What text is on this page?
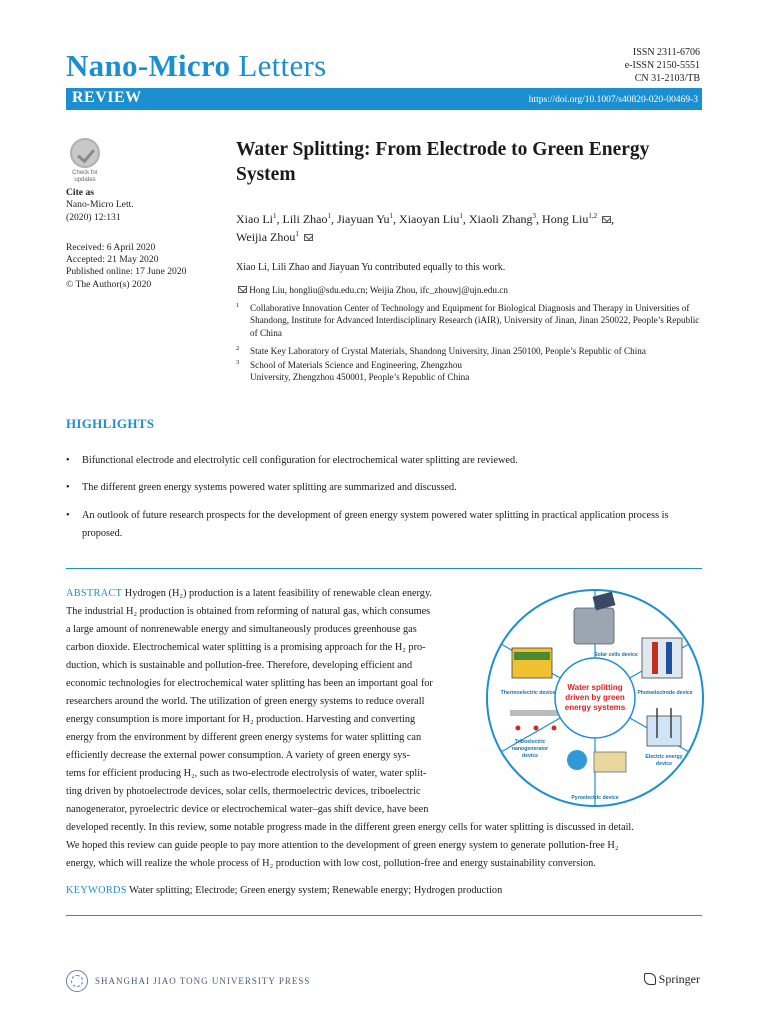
Nano-Micro Letters	ISSN 2311-6706
e-ISSN 2150-5551
CN 31-2103/TB
REVIEW	https://doi.org/10.1007/s40820-020-00469-3
Check for
updates
Cite as
Nano-Micro Lett.
(2020) 12:131
Received: 6 April 2020
Accepted: 21 May 2020
Published online: 17 June 2020
© The Author(s) 2020
Water Splitting: From Electrode to Green Energy
System
Xiao Li$^1$, Lili Zhao$^1$, Jiayuan Yu$^1$, Xiaoyan Liu$^1$, Xiaoli Zhang$^3$, Hong Liu$^{1,2}$ ,
Weijia Zhou$^1$
Xiao Li, Lili Zhao and Jiayuan Yu contributed equally to this work.
Hong Liu, hongliu@sdu.edu.cn; Weijia Zhou, ifc_zhouwj@ujn.edu.cn
1 Collaborative Innovation Center of Technology and Equipment for Biological Diagnosis and Therapy in Universities of Shandong, Institute for Advanced Interdisciplinary Research (iAIR), University of Jinan, Jinan 250022, People’s Republic of China
2 State Key Laboratory of Crystal Materials, Shandong University, Jinan 250100, People’s Republic of China
3 School of Materials Science and Engineering, Zhengzhou University, Zhengzhou 450001, People’s Republic of China
HIGHLIGHTS
• Bifunctional electrode and electrolytic cell configuration for electrochemical water splitting are reviewed.
• The different green energy systems powered water splitting are summarized and discussed.
• An outlook of future research prospects for the development of green energy system powered water splitting in practical application process is proposed.
ABSTRACT Hydrogen (H₂) production is a latent feasibility of renewable clean energy.
The industrial H₂ production is obtained from reforming of natural gas, which consumes
a large amount of nonrenewable energy and simultaneously produces greenhouse gas
carbon dioxide. Electrochemical water splitting is a promising approach for the H₂ pro-
duction, which is sustainable and pollution-free. Therefore, developing efficient and
economic technologies for electrochemical water splitting has been an important goal for
researchers around the world. The utilization of green energy systems to reduce overall
energy consumption is more important for H₂ production. Harvesting and converting
energy from the environment by different green energy systems for water splitting can
efficiently decrease the external power consumption. A variety of green energy sys-
tems for efficient producing H₂, such as two-electrode electrolysis of water, water split-
ting driven by photoelectrode devices, solar cells, thermoelectric devices, triboelectric
nanogenerator, pyroelectric device or electrochemical water–gas shift device, have been
developed recently. In this review, some notable progress made in the different green energy cells for water splitting is discussed in detail.
We hoped this review can guide people to pay more attention to the development of green energy system to generate pollution-free H₂
energy, which will realize the whole process of H₂ production with low cost, pollution-free and energy sustainability conversion.
Water splitting
driven by green
energy systems
Solar cells device
Photoelectrode device
Electric energy
device
Pyroelectric device
Triboelectric
nanogenerator
device
Thermoelectric device
KEYWORDS Water splitting; Electrode; Green energy system; Renewable energy; Hydrogen production
SHANGHAI JIAO TONG UNIVERSITY PRESS	Springer
